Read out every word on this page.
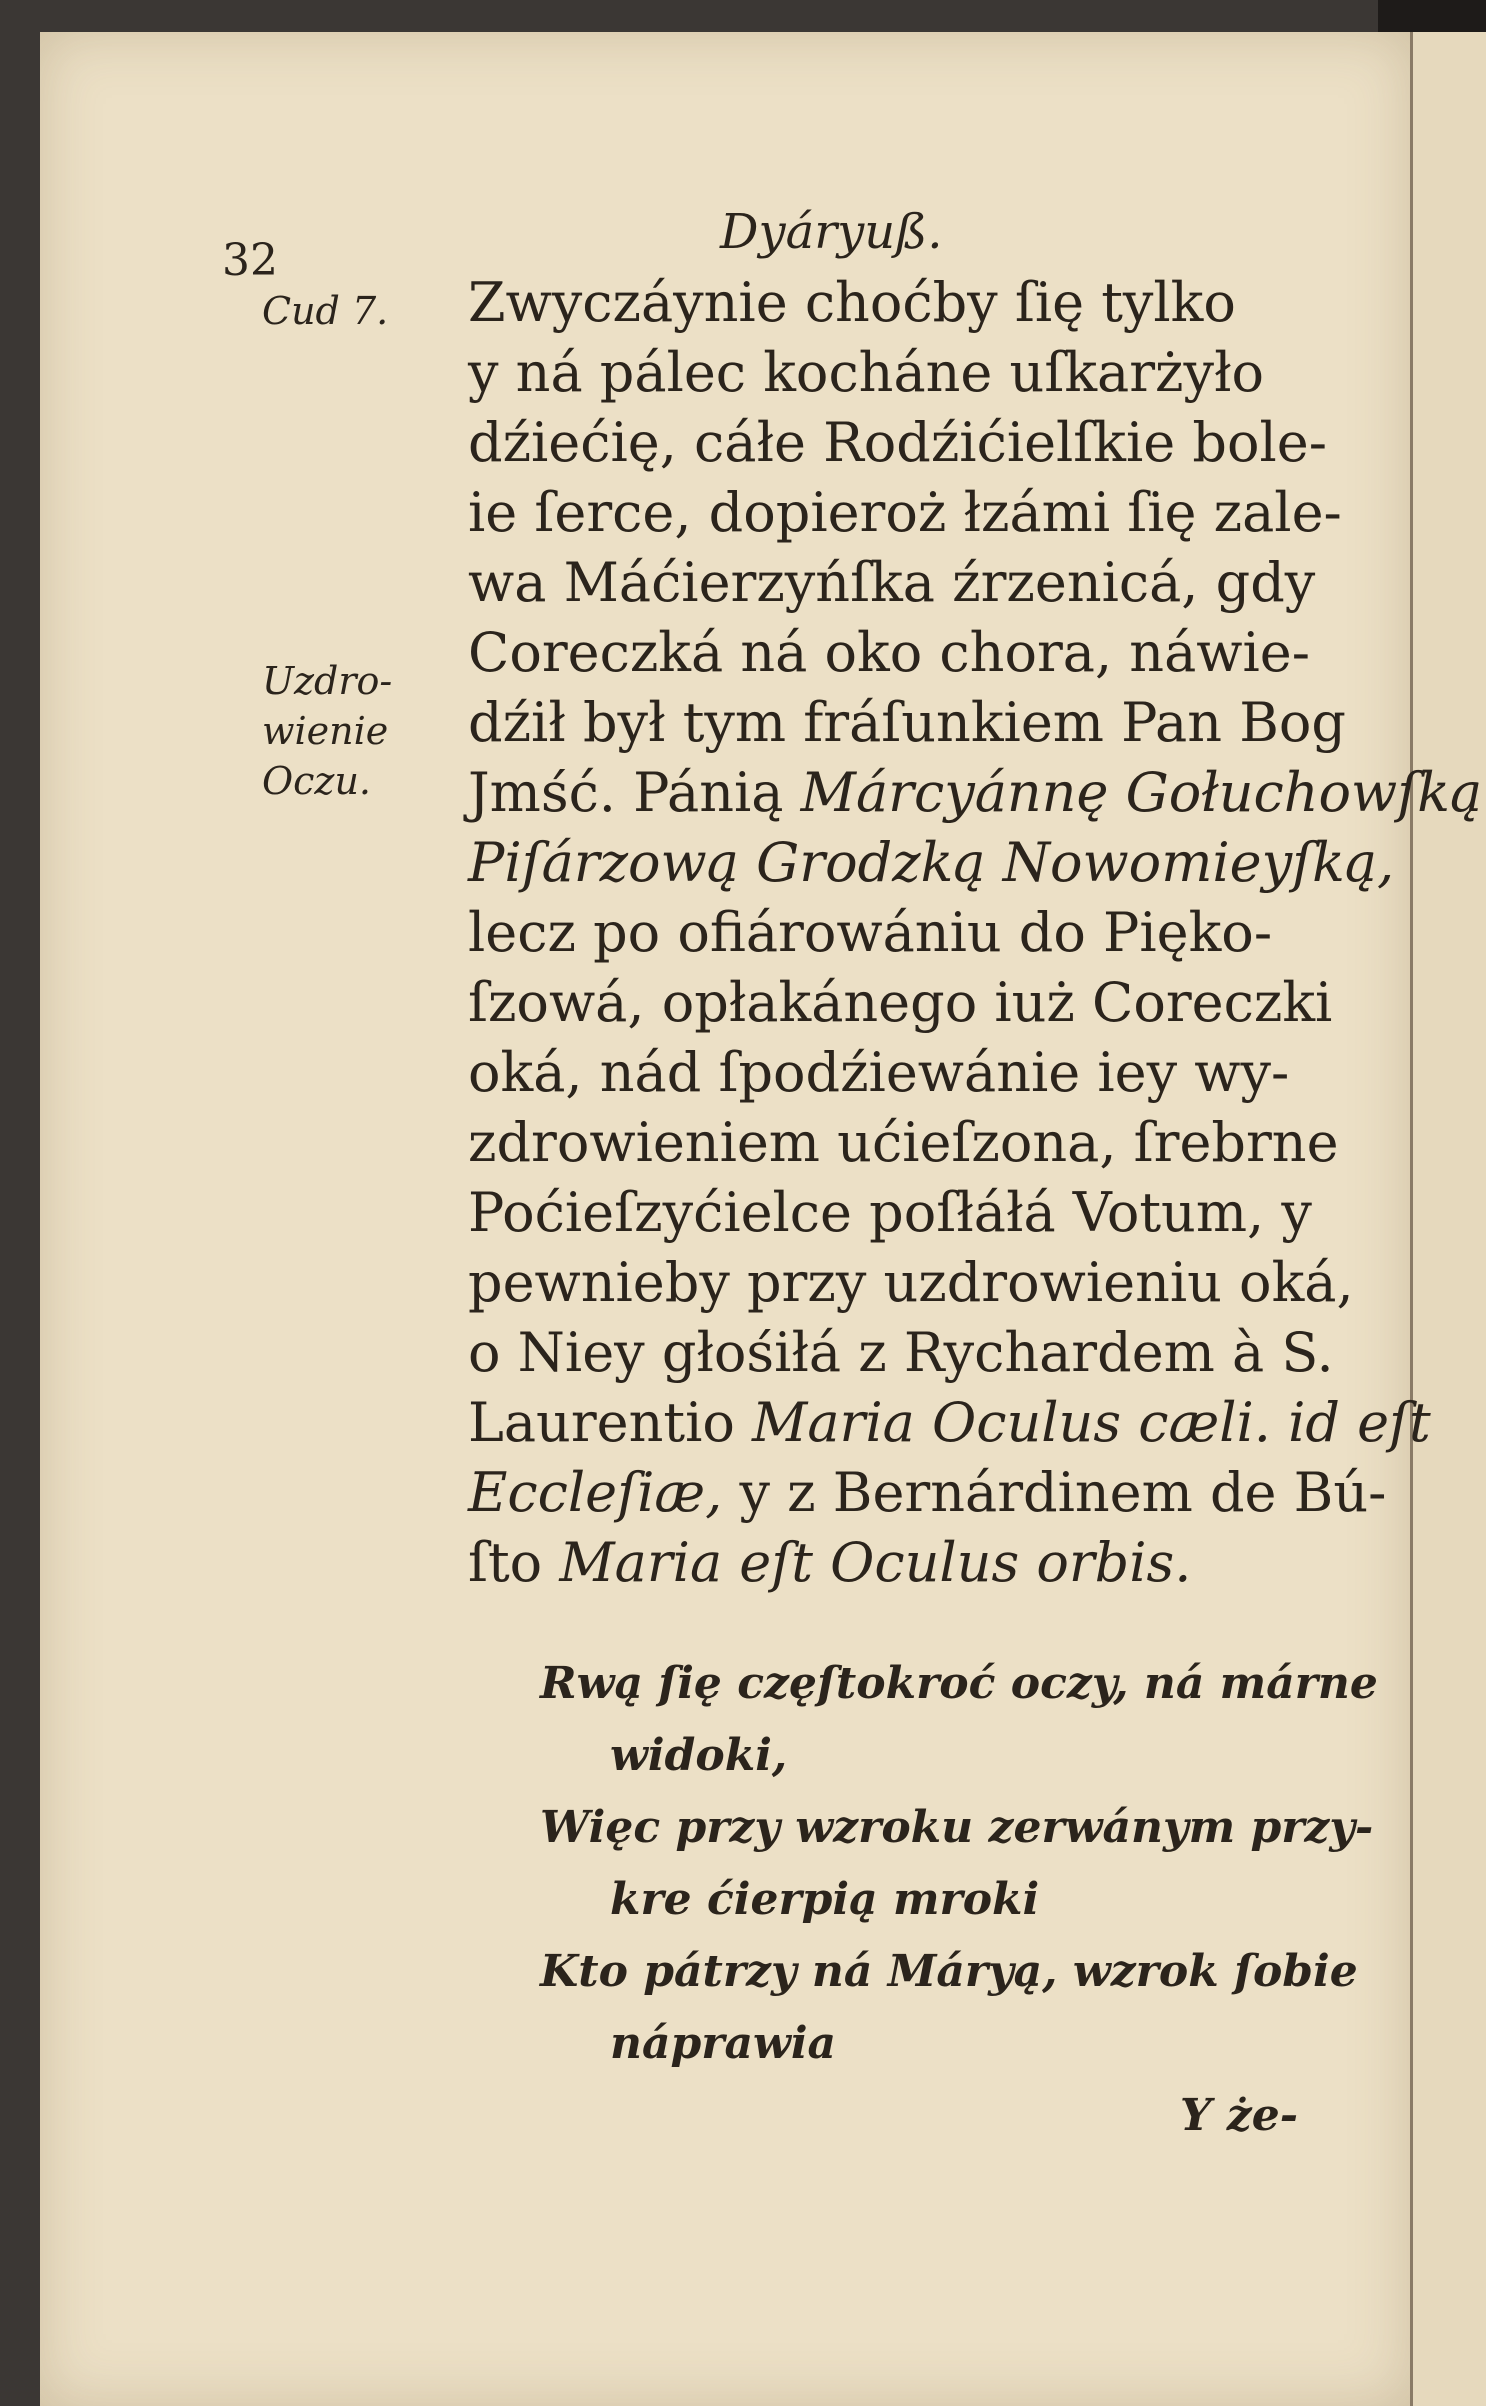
32
Dyáryuß.
Cud 7.
Uzdro-
wienie
Oczu.
Zwyczáynie choćby ſię tylko
y ná pálec kocháne uſkarżyło
dźiećię, cáłe Rodźićielſkie bole-
ie ſerce, dopieroż łzámi ſię zale-
wa Máćierzyńſka źrzenicá, gdy
Coreczká ná oko chora, náwie-
dźił był tym fráſunkiem Pan Bog
Jmść. Pánią Márcyánnę Gołuchowſką
Piſárzową Grodzką Nowomieyſką,
lecz po ofiárowániu do Pięko-
ſzowá, opłakánego iuż Coreczki
oká, nád ſpodźiewánie iey wy-
zdrowieniem ućieſzona, ſrebrne
Poćieſzyćielce poſłáłá Votum, y
pewnieby przy uzdrowieniu oká,
o Niey głośiłá z Rychardem à S.
Laurentio Maria Oculus cæli. id eſt
Eccleſiæ, y z Bernárdinem de Bú-
ſto Maria eſt Oculus orbis.
Rwą ſię częſtokroć oczy, ná márne
widoki,
Więc przy wzroku zerwánym przy-
kre ćierpią mroki
Kto pátrzy ná Máryą, wzrok ſobie
náprawia
Y że-
